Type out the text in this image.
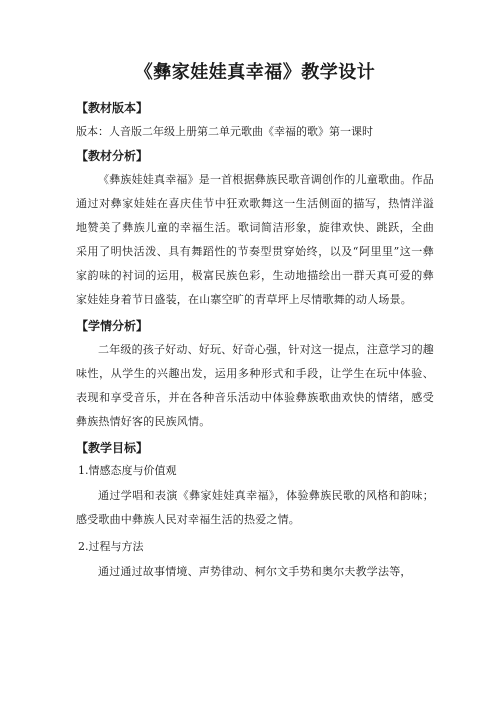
《彝家娃娃真幸福》教学设计
【教材版本】
版本：人音版二年级上册第二单元歌曲《幸福的歌》第一课时
【教材分析】

《彝族娃娃真幸福》是一首根据彝族民歌音调创作的儿童歌曲。作品通过对彝家娃娃在喜庆佳节中狂欢歌舞这一生活侧面的描写，热情洋溢地赞美了彝族儿童的幸福生活。歌词简洁形象，旋律欢快、跳跃，全曲采用了明快活泼、具有舞蹈性的节奏型贯穿始终，以及“阿里里”这一彝家韵味的衬词的运用，极富民族色彩，生动地描绘出一群天真可爱的彝家娃娃身着节日盛装，在山寨空旷的青草坪上尽情歌舞的动人场景。

【学情分析】

二年级的孩子好动、好玩、好奇心强，针对这一提点，注意学习的趣味性，从学生的兴趣出发，运用多种形式和手段，让学生在玩中体验、表现和享受音乐，并在各种音乐活动中体验彝族歌曲欢快的情绪，感受彝族热情好客的民族风情。

【教学目标】
1.情感态度与价值观

通过学唱和表演《彝家娃娃真幸福》，体验彝族民歌的风格和韵味；感受歌曲中彝族人民对幸福生活的热爱之情。

2.过程与方法

通过通过故事情境、声势律动、柯尔文手势和奥尔夫教学法等，
